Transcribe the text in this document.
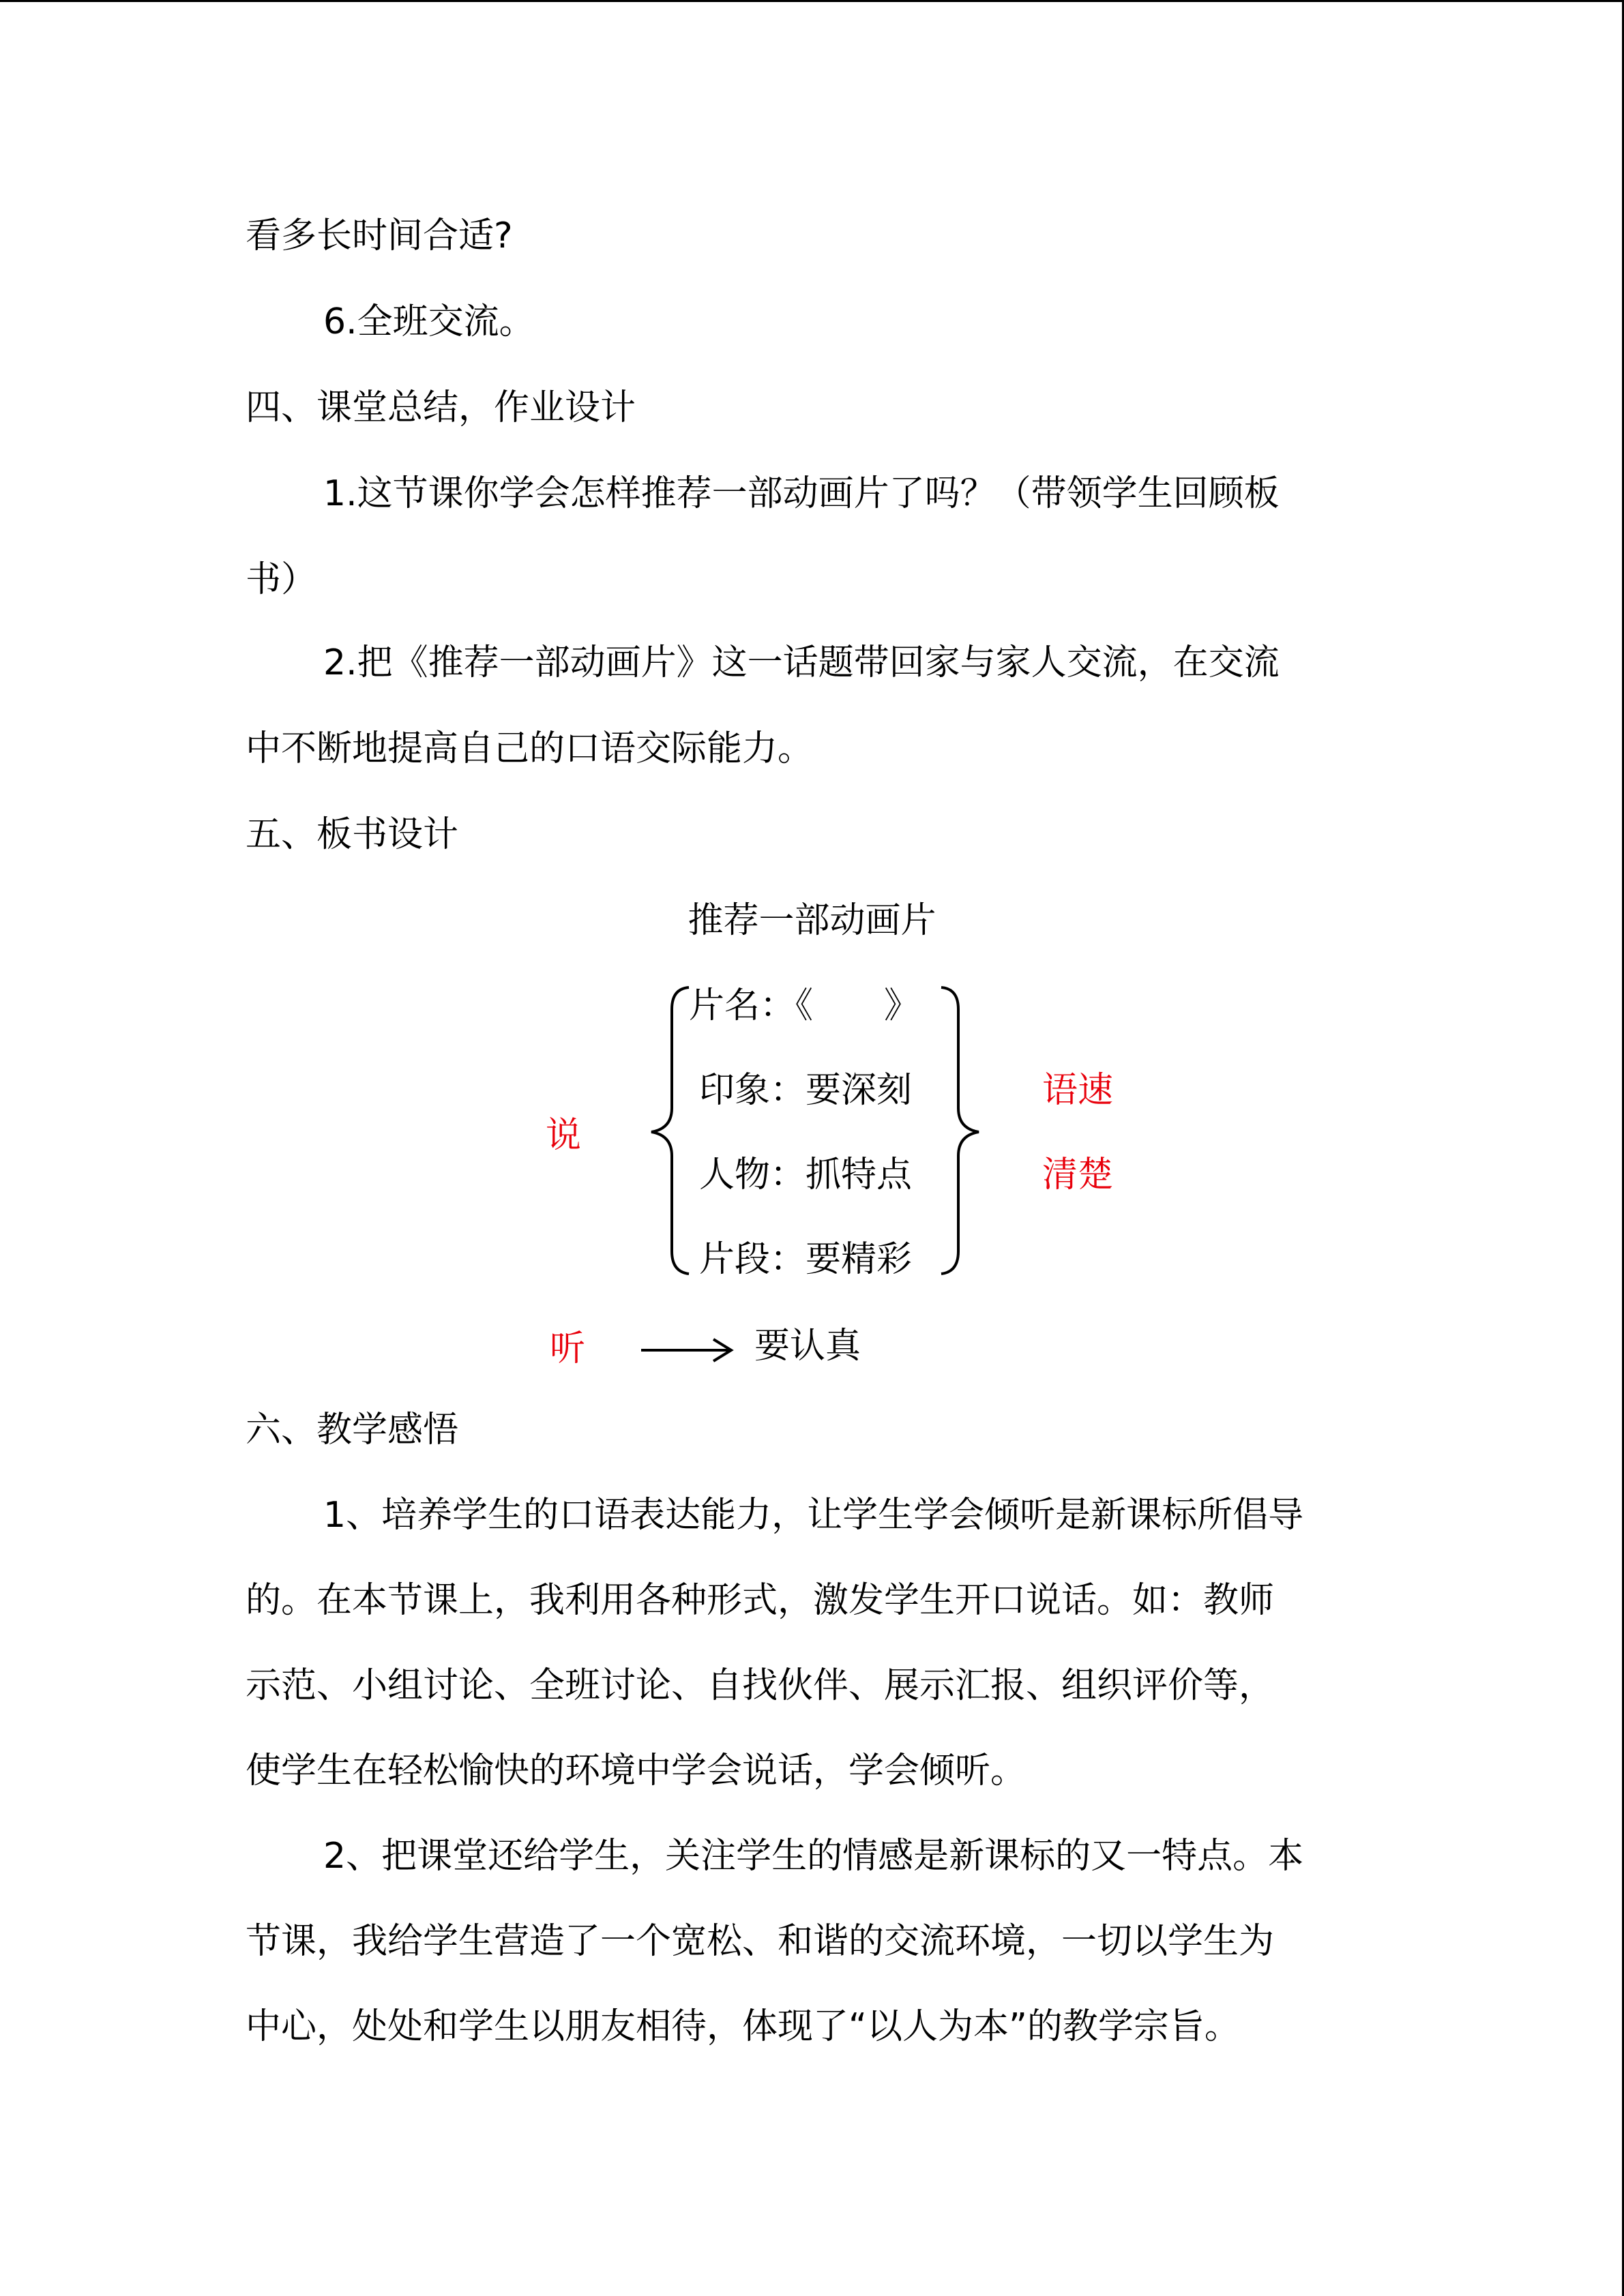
看多长时间合适?
6.全班交流。
四、课堂总结，作业设计
1.这节课你学会怎样推荐一部动画片了吗？（带领学生回顾板
书）
2.把《推荐一部动画片》这一话题带回家与家人交流，在交流
中不断地提高自己的口语交际能力。
五、板书设计
推荐一部动画片
说
片名：《　　》
印象：要深刻
人物：抓特点
片段：要精彩
语速
清楚
听	要认真
六、教学感悟
1、培养学生的口语表达能力，让学生学会倾听是新课标所倡导
的。在本节课上，我利用各种形式，激发学生开口说话。如：教师
示范、小组讨论、全班讨论、自找伙伴、展示汇报、组织评价等，
使学生在轻松愉快的环境中学会说话，学会倾听。
2、把课堂还给学生，关注学生的情感是新课标的又一特点。本
节课，我给学生营造了一个宽松、和谐的交流环境，一切以学生为
中心，处处和学生以朋友相待，体现了“以人为本”的教学宗旨。
